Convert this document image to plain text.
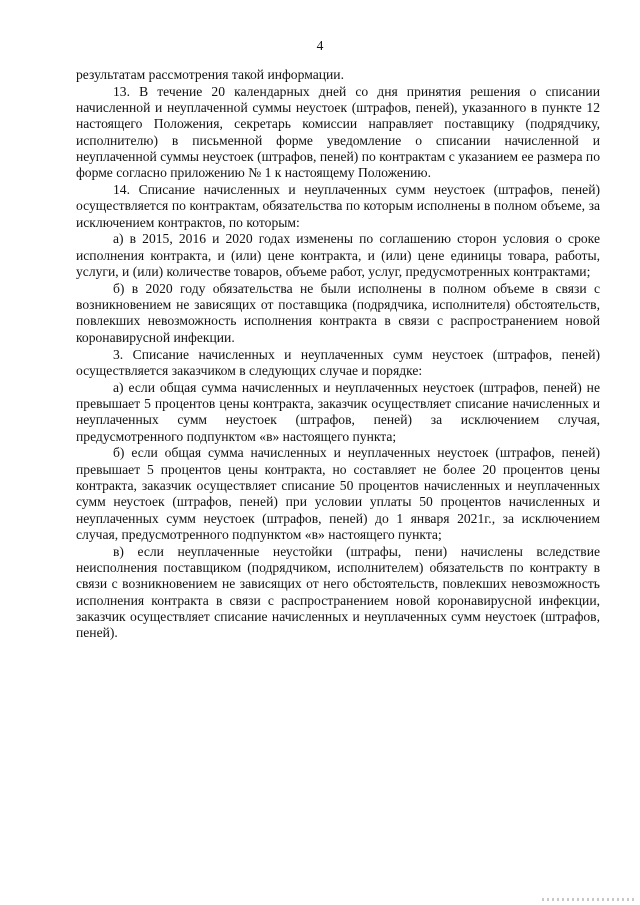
4

результатам рассмотрения такой информации.

13. В течение 20 календарных дней со дня принятия решения о списании начисленной и неуплаченной суммы неустоек (штрафов, пеней), указанного в пункте 12 настоящего Положения, секретарь комиссии направляет поставщику (подрядчику, исполнителю) в письменной форме уведомление о списании начисленной и неуплаченной суммы неустоек (штрафов, пеней) по контрактам с указанием ее размера по форме согласно приложению № 1 к настоящему Положению.

14. Списание начисленных и неуплаченных сумм неустоек (штрафов, пеней) осуществляется по контрактам, обязательства по которым исполнены в полном объеме, за исключением контрактов, по которым:

а) в 2015, 2016 и 2020 годах изменены по соглашению сторон условия о сроке исполнения контракта, и (или) цене контракта, и (или) цене единицы товара, работы, услуги, и (или) количестве товаров, объеме работ, услуг, предусмотренных контрактами;

б) в 2020 году обязательства не были исполнены в полном объеме в связи с возникновением не зависящих от поставщика (подрядчика, исполнителя) обстоятельств, повлекших невозможность исполнения контракта в связи с распространением новой коронавирусной инфекции.

3. Списание начисленных и неуплаченных сумм неустоек (штрафов, пеней) осуществляется заказчиком в следующих случае и порядке:

а) если общая сумма начисленных и неуплаченных неустоек (штрафов, пеней) не превышает 5 процентов цены контракта, заказчик осуществляет списание начисленных и неуплаченных сумм неустоек (штрафов, пеней) за исключением случая, предусмотренного подпунктом «в» настоящего пункта;

б) если общая сумма начисленных и неуплаченных неустоек (штрафов, пеней) превышает 5 процентов цены контракта, но составляет не более 20 процентов цены контракта, заказчик осуществляет списание 50 процентов начисленных и неуплаченных сумм неустоек (штрафов, пеней) при условии уплаты 50 процентов начисленных и неуплаченных сумм неустоек (штрафов, пеней) до 1 января 2021г., за исключением случая, предусмотренного подпунктом «в» настоящего пункта;

в) если неуплаченные неустойки (штрафы, пени) начислены вследствие неисполнения поставщиком (подрядчиком, исполнителем) обязательств по контракту в связи с возникновением не зависящих от него обстоятельств, повлекших невозможность исполнения контракта в связи с распространением новой коронавирусной инфекции, заказчик осуществляет списание начисленных и неуплаченных сумм неустоек (штрафов, пеней).
